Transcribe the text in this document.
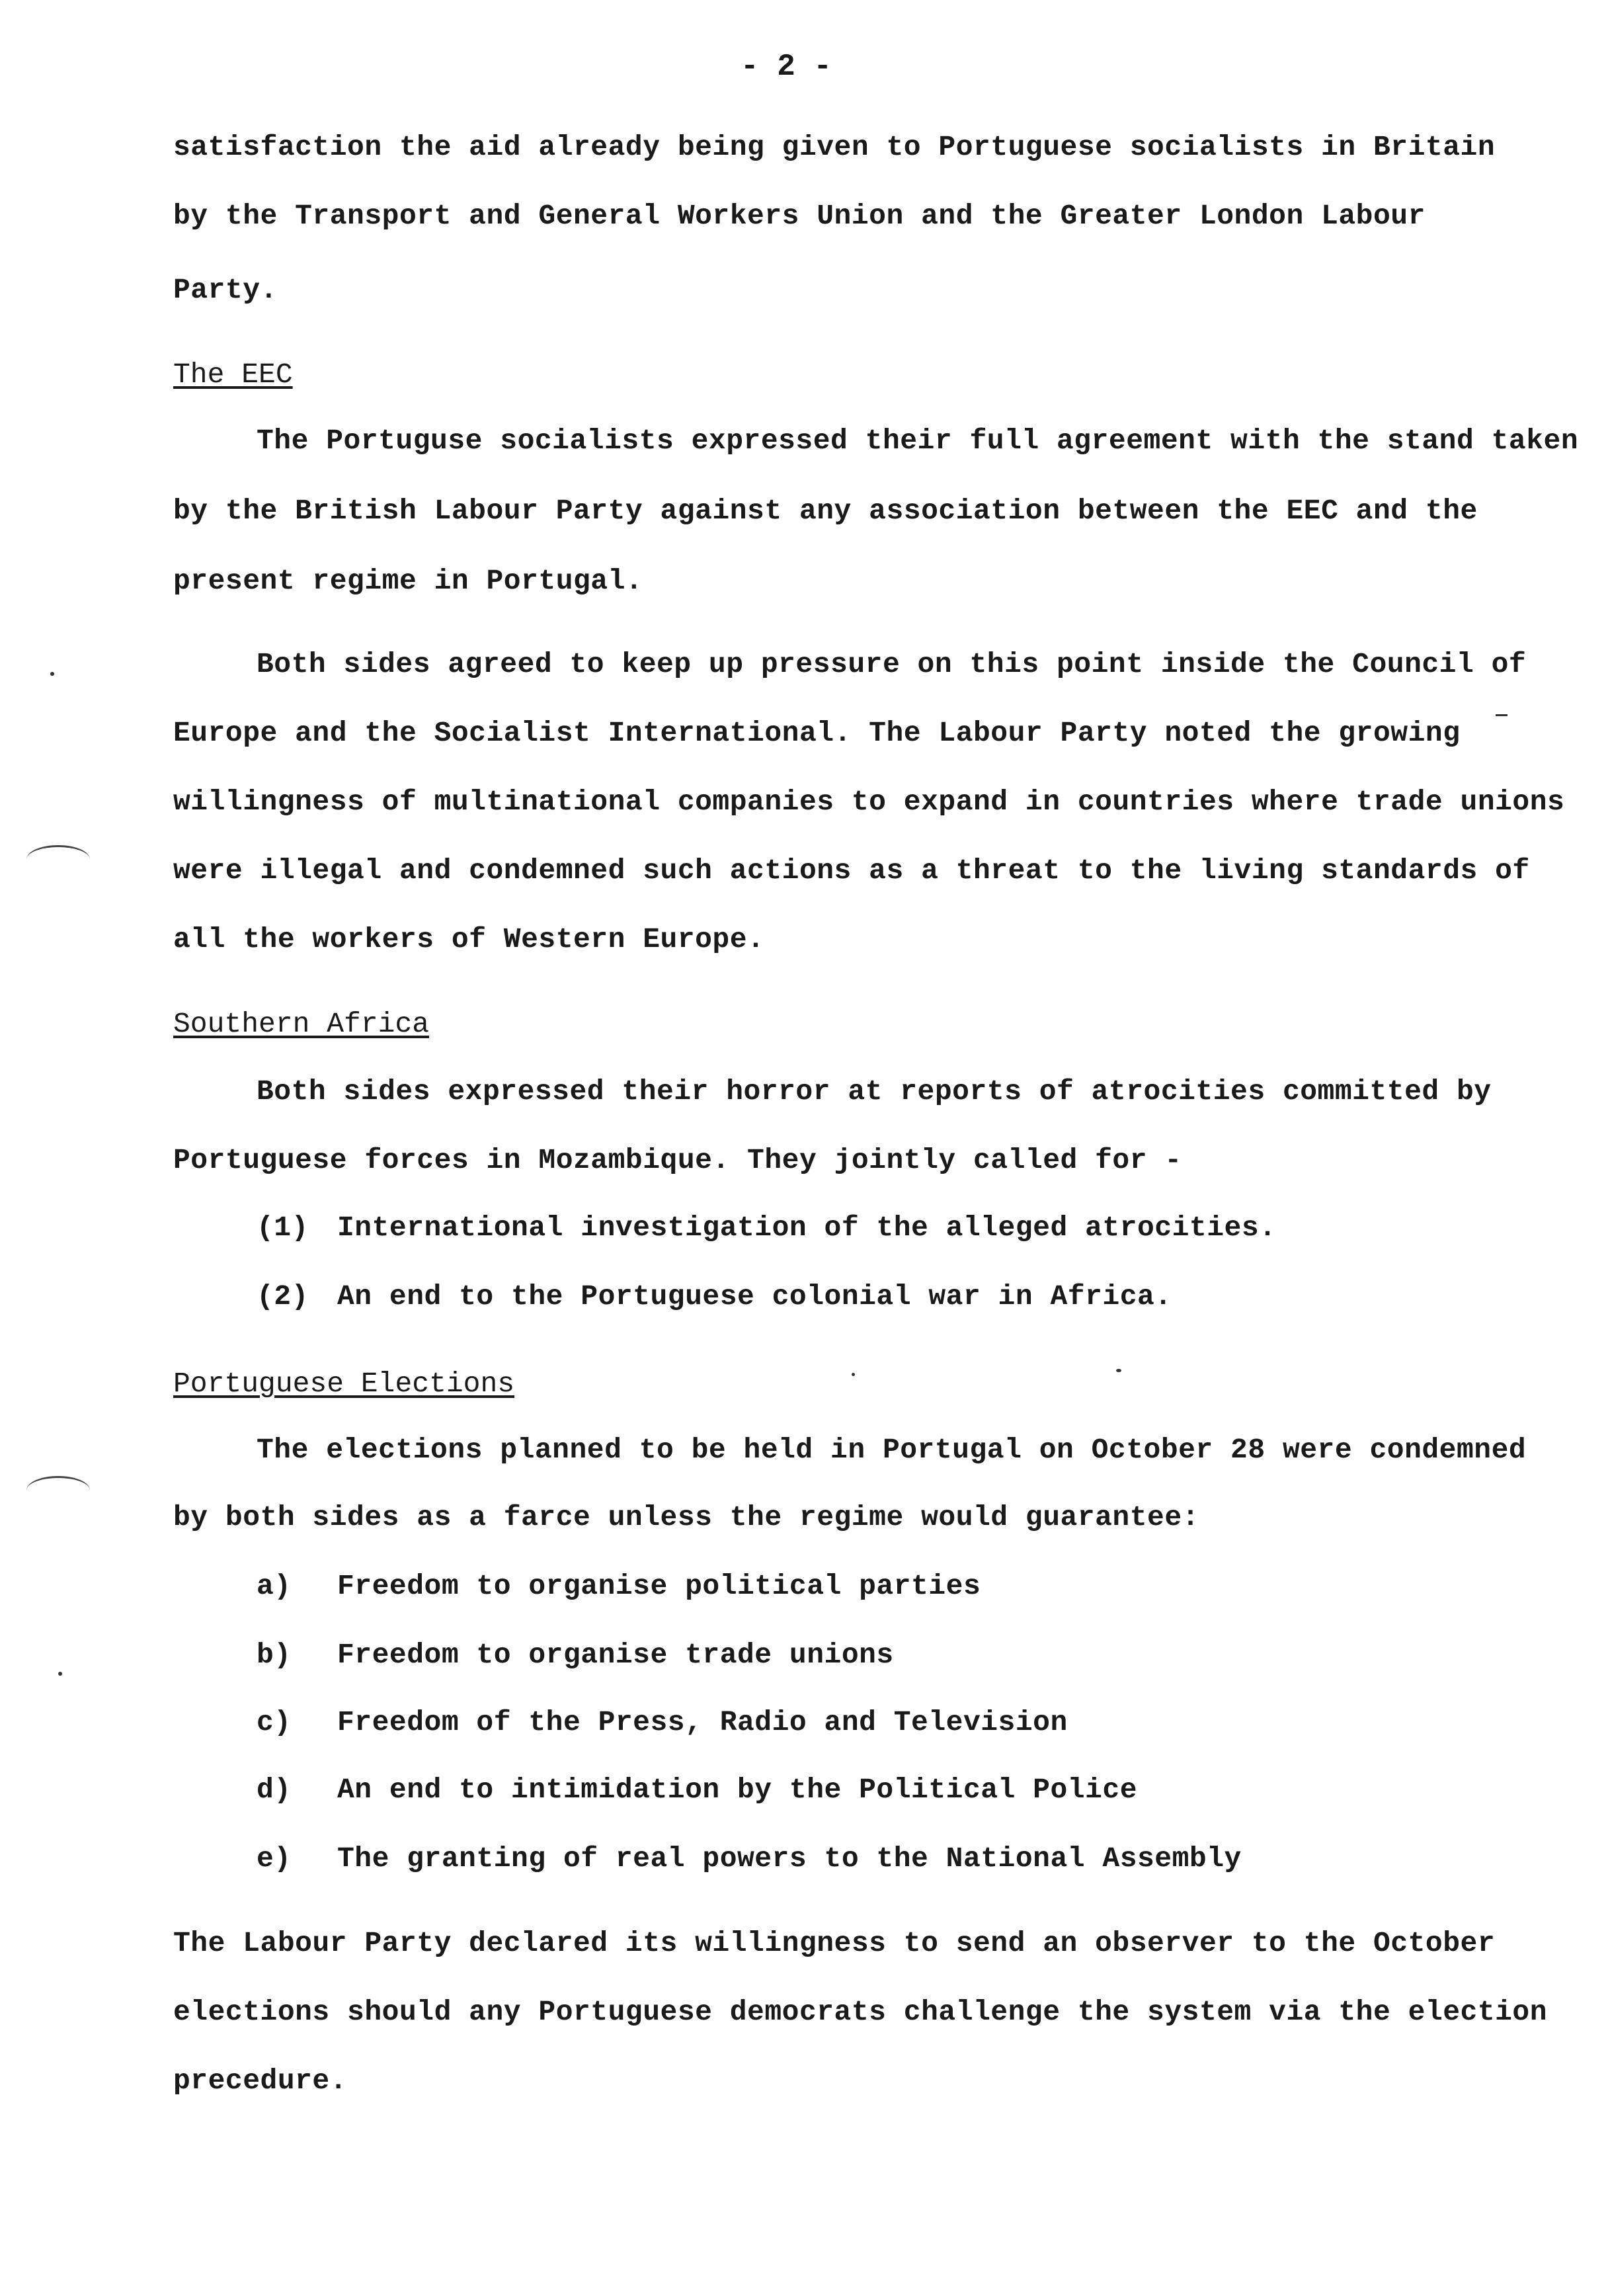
- 2 -
satisfaction the aid already being given to Portuguese socialists in Britain
by the Transport and General Workers Union and the Greater London Labour
Party.
The EEC
The Portuguse socialists expressed their full agreement with the stand taken
by the British Labour Party against any association between the EEC and the
present regime in Portugal.
Both sides agreed to keep up pressure on this point inside the Council of
Europe and the Socialist International. The Labour Party noted the growing
willingness of multinational companies to expand in countries where trade unions
were illegal and condemned such actions as a threat to the living standards of
all the workers of Western Europe.
Southern Africa
Both sides expressed their horror at reports of atrocities committed by
Portuguese forces in Mozambique. They jointly called for -
(1) International investigation of the alleged atrocities.
(2) An end to the Portuguese colonial war in Africa.
Portuguese Elections
The elections planned to be held in Portugal on October 28 were condemned
by both sides as a farce unless the regime would guarantee:
a) Freedom to organise political parties
b) Freedom to organise trade unions
c) Freedom of the Press, Radio and Television
d) An end to intimidation by the Political Police
e) The granting of real powers to the National Assembly
The Labour Party declared its willingness to send an observer to the October
elections should any Portuguese democrats challenge the system via the election
precedure.
